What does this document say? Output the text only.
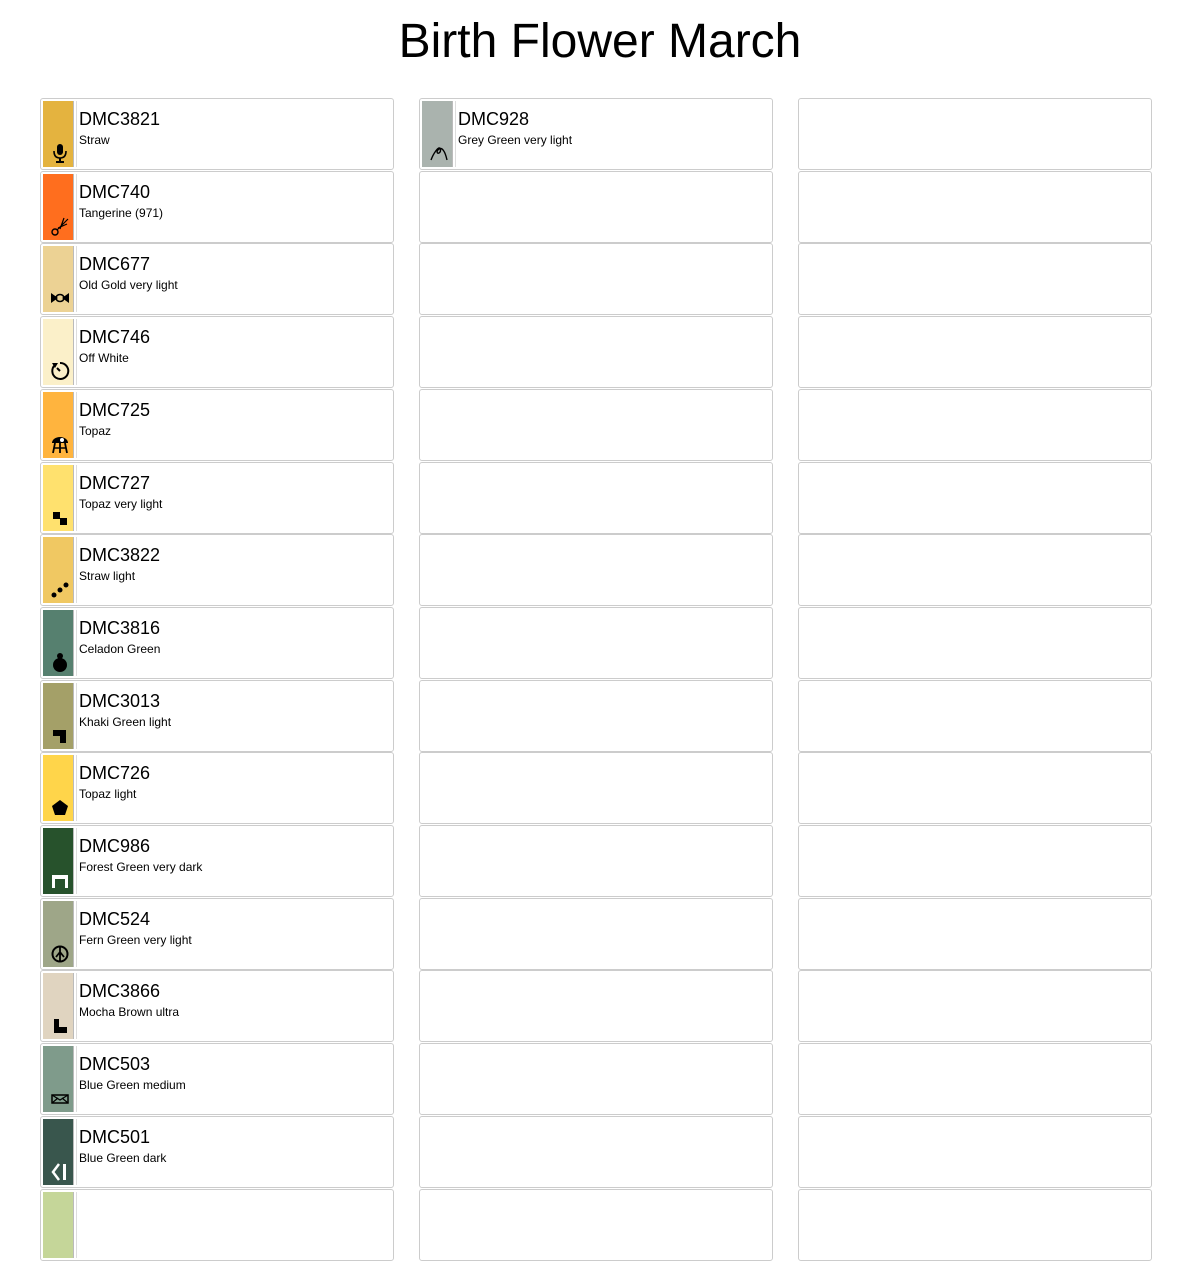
Birth Flower March
DMC3821
Straw
DMC740
Tangerine (971)
DMC677
Old Gold very light
DMC746
Off White
DMC725
Topaz
DMC727
Topaz very light
DMC3822
Straw light
DMC3816
Celadon Green
DMC3013
Khaki Green light
DMC726
Topaz light
DMC986
Forest Green very dark
DMC524
Fern Green very light
DMC3866
Mocha Brown ultra
DMC503
Blue Green medium
DMC501
Blue Green dark
DMC928
Grey Green very light
